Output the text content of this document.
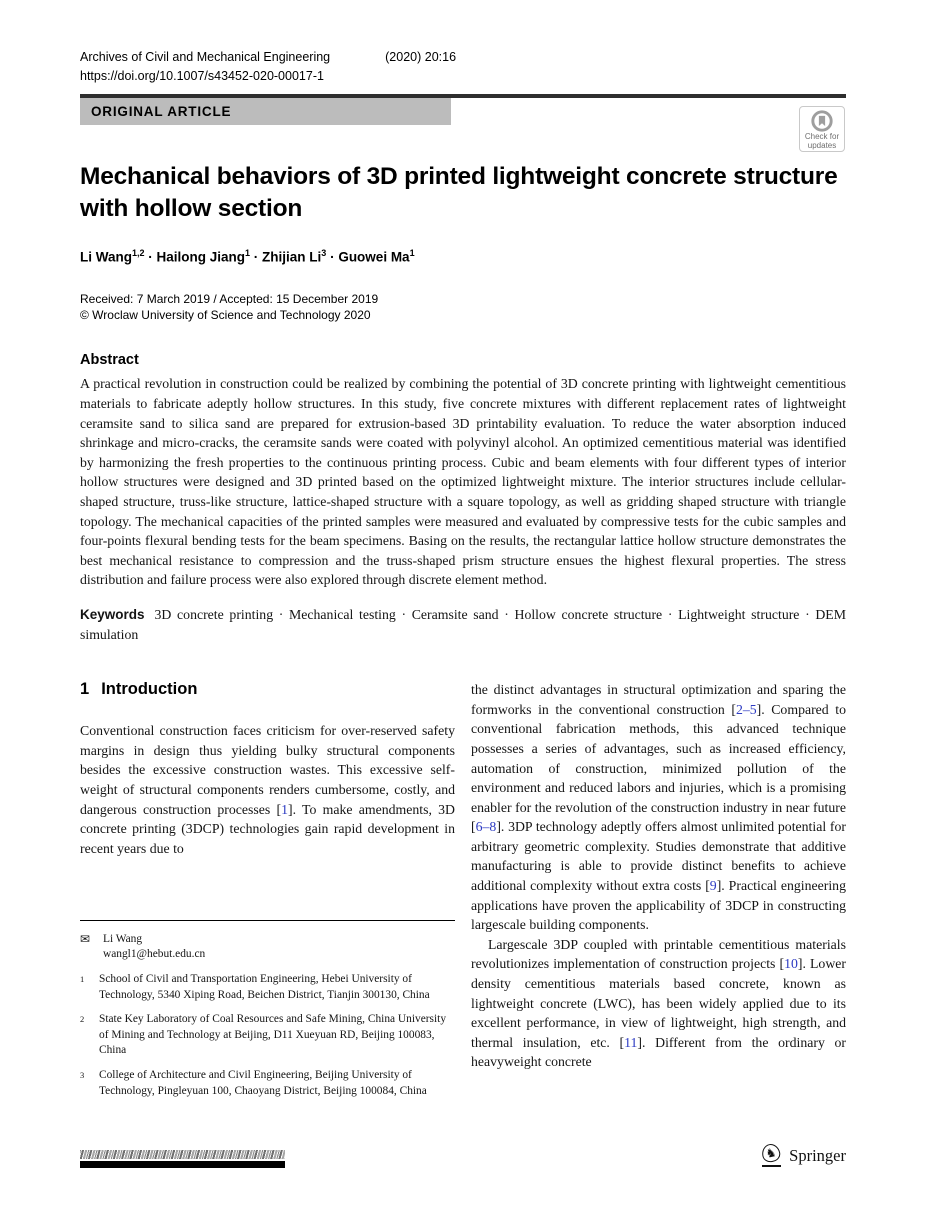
Archives of Civil and Mechanical Engineering	(2020) 20:16
https://doi.org/10.1007/s43452-020-00017-1
ORIGINAL ARTICLE
Check for
updates
Mechanical behaviors of 3D printed lightweight concrete structure with hollow section
Li Wang$^{1,2}$ · Hailong Jiang$^1$ · Zhijian $Li^3$ · Guowei Ma$^1$
Received: 7 March 2019 / Accepted: 15 December 2019
© Wroclaw University of Science and Technology 2020
Abstract
A practical revolution in construction could be realized by combining the potential of 3D concrete printing with lightweight cementitious materials to fabricate adeptly hollow structures. In this study, five concrete mixtures with different replacement rates of lightweight ceramsite sand to silica sand are prepared for extrusion-based 3D printability evaluation. To reduce the water absorption induced shrinkage and micro-cracks, the ceramsite sands were coated with polyvinyl alcohol. An optimized cementitious material was identified by harmonizing the fresh properties to the continuous printing process. Cubic and beam elements with four different types of interior hollow structures were designed and 3D printed based on the optimized lightweight mixture. The interior structures include cellular-shaped structure, truss-like structure, lattice-shaped structure with a square topology, as well as gridding shaped structure with triangle topology. The mechanical capacities of the printed samples were measured and evaluated by compressive tests for the cubic samples and four-points flexural bending tests for the beam specimens. Basing on the results, the rectangular lattice hollow structure demonstrates the best mechanical resistance to compression and the truss-shaped prism structure ensues the highest flexural properties. The stress distribution and failure process were also explored through discrete element method.
Keywords 3D concrete printing · Mechanical testing · Ceramsite sand · Hollow concrete structure · Lightweight structure · DEM simulation
1 Introduction

Conventional construction faces criticism for over-reserved safety margins in design thus yielding bulky structural components besides the excessive construction wastes. This excessive self-weight of structural components renders cumbersome, costly, and dangerous construction processes [1]. To make amendments, 3D concrete printing (3DCP) technologies gain rapid development in recent years due to

✉	Li Wang
wangl1@hebut.edu.cn
1	School of Civil and Transportation Engineering, Hebei University of Technology, 5340 Xiping Road, Beichen District, Tianjin 300130, China
2	State Key Laboratory of Coal Resources and Safe Mining, China University of Mining and Technology at Beijing, D11 Xueyuan RD, Beijing 100083, China
3	College of Architecture and Civil Engineering, Beijing University of Technology, Pingleyuan 100, Chaoyang District, Beijing 100084, China

the distinct advantages in structural optimization and sparing the formworks in the conventional construction [2–5]. Compared to conventional fabrication methods, this advanced technique possesses a series of advantages, such as increased efficiency, automation of construction, minimized pollution of the environment and reduced labors and injuries, which is a promising enabler for the revolution of the construction industry in near future [6–8]. 3DP technology adeptly offers almost unlimited potential for arbitrary geometric complexity. Studies demonstrate that additive manufacturing is able to provide distinct benefits to achieve additional complexity without extra costs [9]. Practical engineering applications have proven the applicability of 3DCP in constructing largescale building components.

Largescale 3DP coupled with printable cementitious materials revolutionizes implementation of construction projects [10]. Lower density cementitious materials based concrete, known as lightweight concrete (LWC), has been widely applied due to its excellent performance, in view of lightweight, high strength, and thermal insulation, etc. [11]. Different from the ordinary or heavyweight concrete

♞ Springer
